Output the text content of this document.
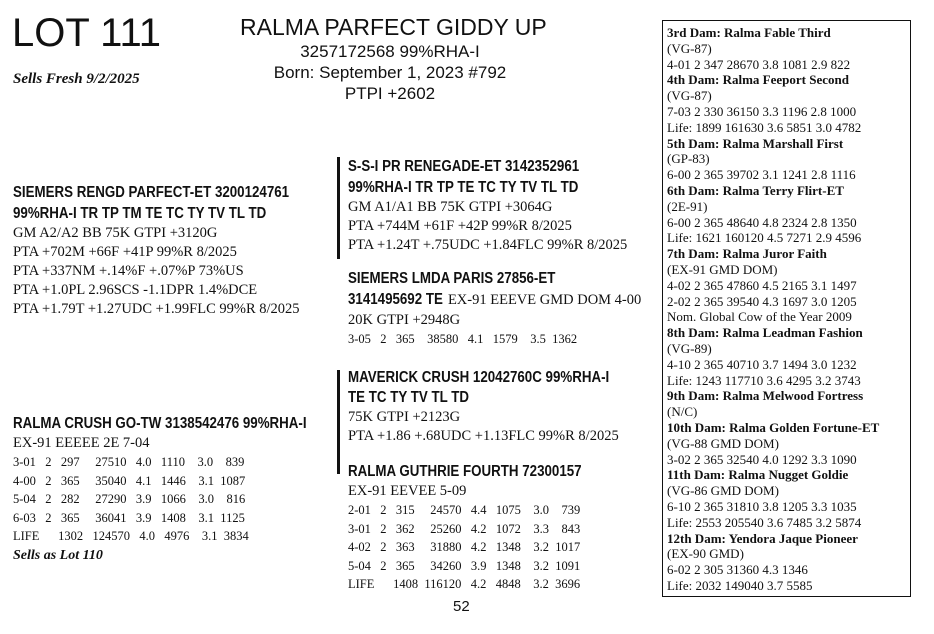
LOT 111
Sells Fresh 9/2/2025
RALMA PARFECT GIDDY UP
3257172568 99%RHA-I
Born: September 1, 2023 #792
PTPI +2602
SIEMERS RENGD PARFECT-ET 3200124761
99%RHA-I TR TP TM TE TC TY TV TL TD
GM A2/A2 BB 75K GTPI +3120G
PTA +702M +66F +41P 99%R 8/2025
PTA +337NM +.14%F +.07%P 73%US
PTA +1.0PL 2.96SCS -1.1DPR 1.4%DCE
PTA +1.79T +1.27UDC +1.99FLC 99%R 8/2025
S-S-I PR RENEGADE-ET 3142352961
99%RHA-I TR TP TE TC TY TV TL TD
GM A1/A1 BB 75K GTPI +3064G
PTA +744M +61F +42P 99%R 8/2025
PTA +1.24T +.75UDC +1.84FLC 99%R 8/2025
SIEMERS LMDA PARIS 27856-ET
3141495692 TE EX-91 EEEVE GMD DOM 4-00
20K GTPI +2948G
3-05   2   365    38580   4.1   1579    3.5  1362
RALMA CRUSH GO-TW 3138542476 99%RHA-I
EX-91 EEEEE 2E 7-04
3-01   2   297     27510   4.0   1110    3.0    839
4-00   2   365     35040   4.1   1446    3.1  1087
5-04   2   282     27290   3.9   1066    3.0    816
6-03   2   365     36041   3.9   1408    3.1  1125
LIFE      1302   124570   4.0   4976    3.1  3834
Sells as Lot 110
MAVERICK CRUSH 12042760C 99%RHA-I
TE TC TY TV TL TD
75K GTPI +2123G
PTA +1.86 +.68UDC +1.13FLC 99%R 8/2025
RALMA GUTHRIE FOURTH 72300157
EX-91 EEVEE 5-09
2-01   2   315     24570   4.4   1075    3.0    739
3-01   2   362     25260   4.2   1072    3.3    843
4-02   2   363     31880   4.2   1348    3.2  1017
5-04   2   365     34260   3.9   1348    3.2  1091
LIFE      1408  116120   4.2   4848    3.2  3696
52
3rd Dam: Ralma Fable Third
(VG-87)
4-01 2 347 28670 3.8 1081 2.9 822
4th Dam: Ralma Feeport Second
(VG-87)
7-03 2 330 36150 3.3 1196 2.8 1000
Life: 1899 161630 3.6 5851 3.0 4782
5th Dam: Ralma Marshall First
(GP-83)
6-00 2 365 39702 3.1 1241 2.8 1116
6th Dam: Ralma Terry Flirt-ET
(2E-91)
6-00 2 365 48640 4.8 2324 2.8 1350
Life: 1621 160120 4.5 7271 2.9 4596
7th Dam: Ralma Juror Faith
(EX-91 GMD DOM)
4-02 2 365 47860 4.5 2165 3.1 1497
2-02 2 365 39540 4.3 1697 3.0 1205
Nom. Global Cow of the Year 2009
8th Dam: Ralma Leadman Fashion
(VG-89)
4-10 2 365 40710 3.7 1494 3.0 1232
Life: 1243 117710 3.6 4295 3.2 3743
9th Dam: Ralma Melwood Fortress
(N/C)
10th Dam: Ralma Golden Fortune-ET
(VG-88 GMD DOM)
3-02 2 365 32540 4.0 1292 3.3 1090
11th Dam: Ralma Nugget Goldie
(VG-86 GMD DOM)
6-10 2 365 31810 3.8 1205 3.3 1035
Life: 2553 205540 3.6 7485 3.2 5874
12th Dam: Yendora Jaque Pioneer
(EX-90 GMD)
6-02 2 305 31360 4.3 1346
Life: 2032 149040 3.7 5585
